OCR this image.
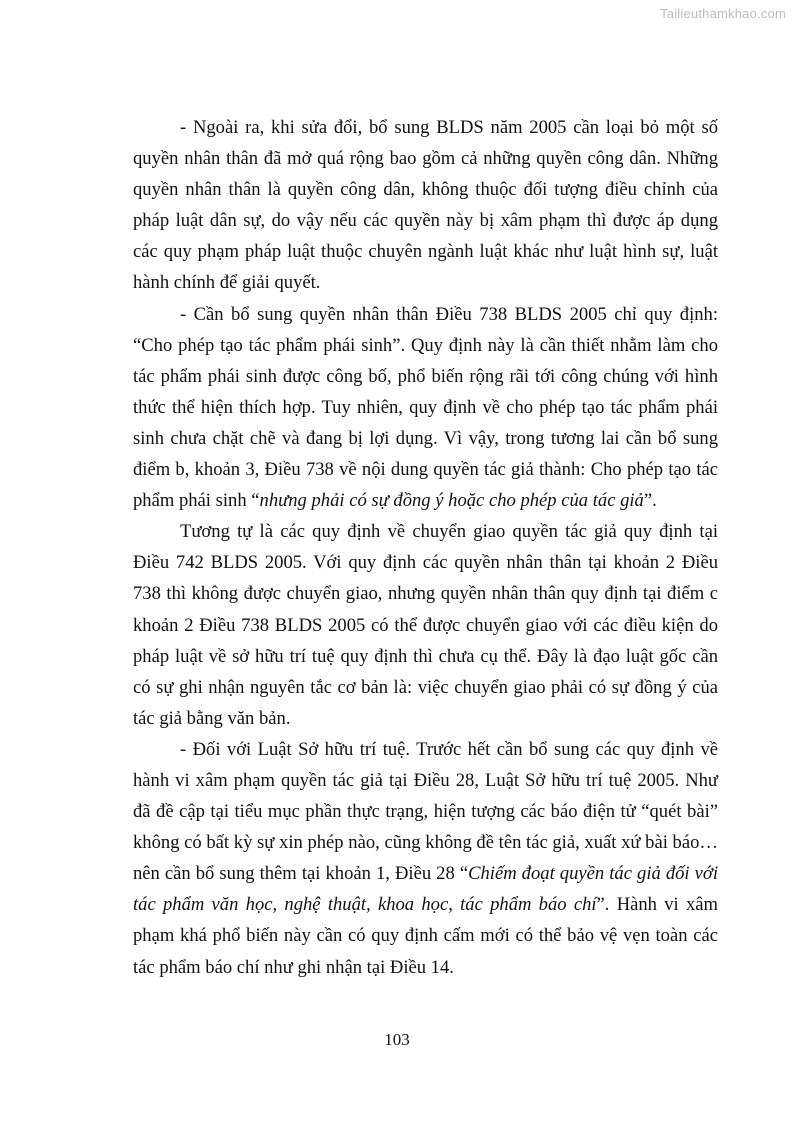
Tailieuthamkhao.com

- Ngoài ra, khi sửa đổi, bổ sung BLDS năm 2005 cần loại bỏ một số quyền nhân thân đã mở quá rộng bao gồm cả những quyền công dân. Những quyền nhân thân là quyền công dân, không thuộc đối tượng điều chỉnh của pháp luật dân sự, do vậy nếu các quyền này bị xâm phạm thì được áp dụng các quy phạm pháp luật thuộc chuyên ngành luật khác như luật hình sự, luật hành chính để giải quyết.

- Cần bổ sung quyền nhân thân Điều 738 BLDS 2005 chỉ quy định: “Cho phép tạo tác phẩm phái sinh”. Quy định này là cần thiết nhằm làm cho tác phẩm phái sinh được công bố, phổ biến rộng rãi tới công chúng với hình thức thể hiện thích hợp. Tuy nhiên, quy định về cho phép tạo tác phẩm phái sinh chưa chặt chẽ và đang bị lợi dụng. Vì vậy, trong tương lai cần bổ sung điểm b, khoản 3, Điều 738 về nội dung quyền tác giả thành: Cho phép tạo tác phẩm phái sinh “nhưng phải có sự đồng ý hoặc cho phép của tác giả”.

Tương tự là các quy định về chuyển giao quyền tác giả quy định tại Điều 742 BLDS 2005. Với quy định các quyền nhân thân tại khoản 2 Điều 738 thì không được chuyển giao, nhưng quyền nhân thân quy định tại điểm c khoản 2 Điều 738 BLDS 2005 có thể được chuyển giao với các điều kiện do pháp luật về sở hữu trí tuệ quy định thì chưa cụ thể. Đây là đạo luật gốc cần có sự ghi nhận nguyên tắc cơ bản là: việc chuyển giao phải có sự đồng ý của tác giả bằng văn bản.

- Đối với Luật Sở hữu trí tuệ. Trước hết cần bổ sung các quy định về hành vi xâm phạm quyền tác giả tại Điều 28, Luật Sở hữu trí tuệ 2005. Như đã đề cập tại tiểu mục phần thực trạng, hiện tượng các báo điện tử “quét bài” không có bất kỳ sự xin phép nào, cũng không đề tên tác giả, xuất xứ bài báo… nên cần bổ sung thêm tại khoản 1, Điều 28 “Chiếm đoạt quyền tác giả đối với tác phẩm văn học, nghệ thuật, khoa học, tác phẩm báo chí”. Hành vi xâm phạm khá phổ biến này cần có quy định cấm mới có thể bảo vệ vẹn toàn các tác phẩm báo chí như ghi nhận tại Điều 14.

103
